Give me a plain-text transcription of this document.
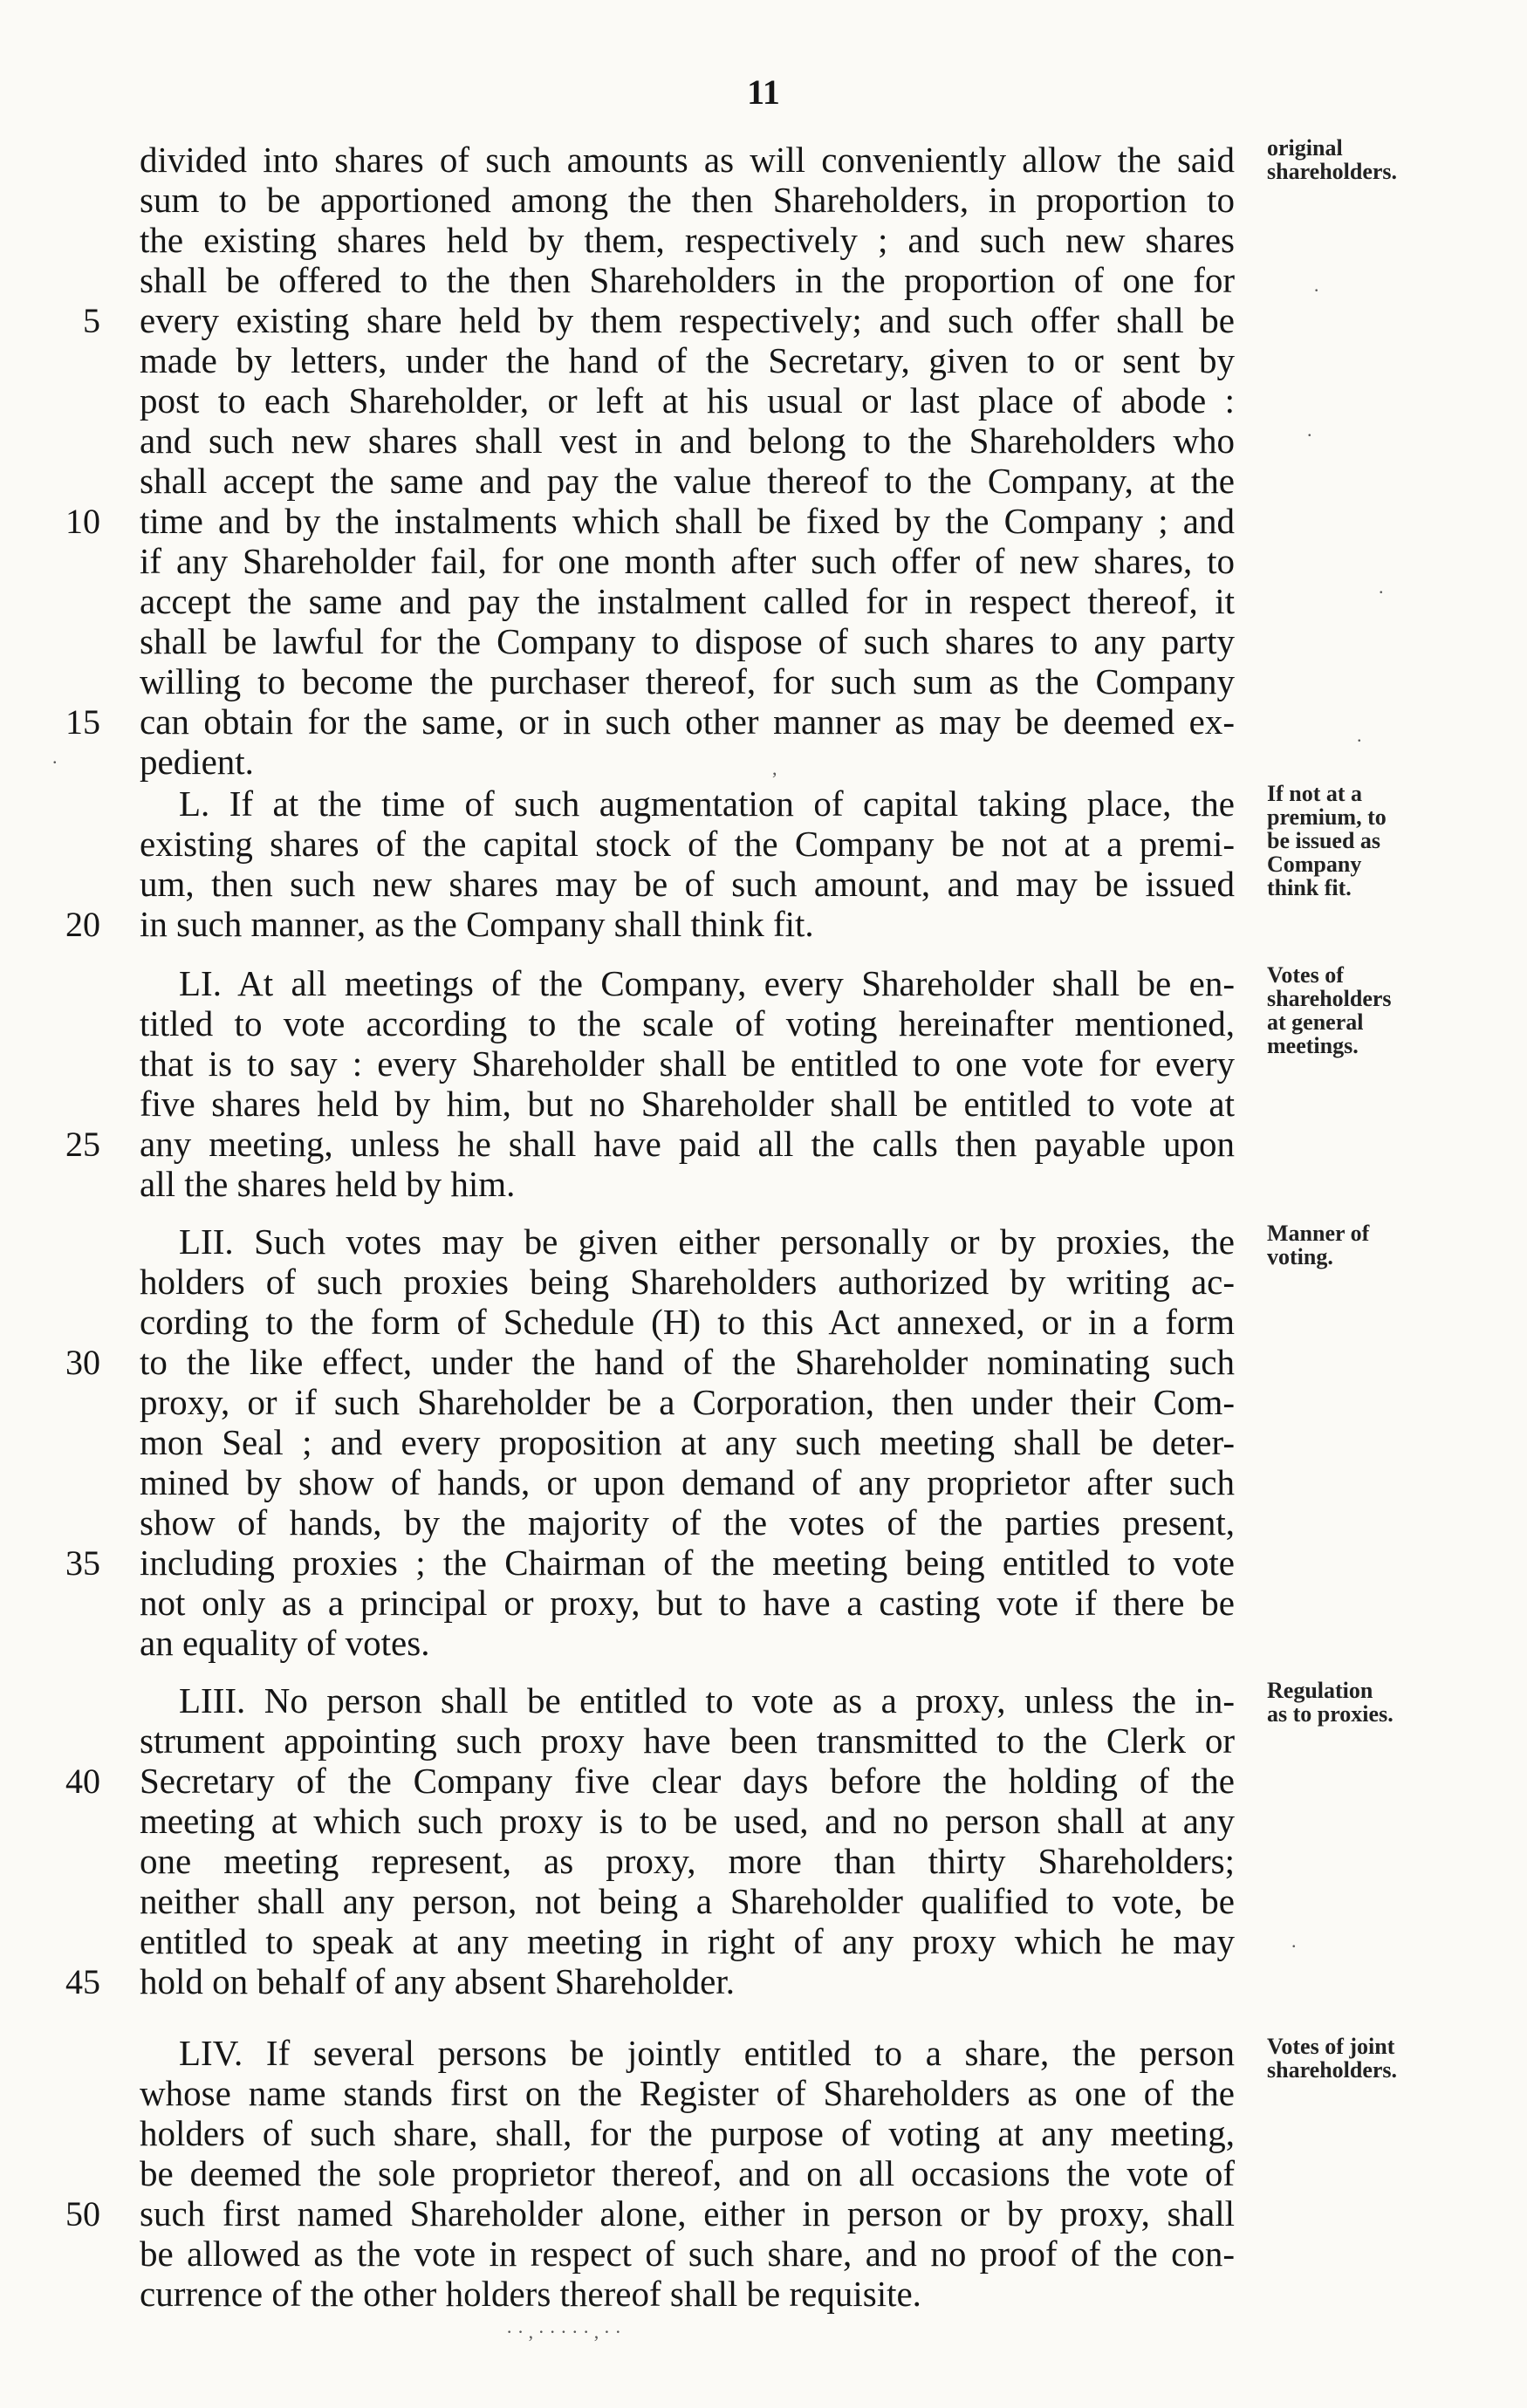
11
divided into shares of such amounts as will conveniently allow the said
sum to be apportioned among the then Shareholders, in proportion to
the existing shares held by them, respectively ; and such new shares
shall be offered to the then Shareholders in the proportion of one for
5 every existing share held by them respectively; and such offer shall be
made by letters, under the hand of the Secretary, given to or sent by
post to each Shareholder, or left at his usual or last place of abode :
and such new shares shall vest in and belong to the Shareholders who
shall accept the same and pay the value thereof to the Company, at the
10 time and by the instalments which shall be fixed by the Company ; and
if any Shareholder fail, for one month after such offer of new shares, to
accept the same and pay the instalment called for in respect thereof, it
shall be lawful for the Company to dispose of such shares to any party
willing to become the purchaser thereof, for such sum as the Company
15 can obtain for the same, or in such other manner as may be deemed ex-
pedient.
original
shareholders.
L. If at the time of such augmentation of capital taking place, the
existing shares of the capital stock of the Company be not at a premi-
um, then such new shares may be of such amount, and may be issued
20 in such manner, as the Company shall think fit.
If not at a
premium, to
be issued as
Company
think fit.
LI. At all meetings of the Company, every Shareholder shall be en-
titled to vote according to the scale of voting hereinafter mentioned,
that is to say : every Shareholder shall be entitled to one vote for every
five shares held by him, but no Shareholder shall be entitled to vote at
25 any meeting, unless he shall have paid all the calls then payable upon
all the shares held by him.
Votes of
shareholders
at general
meetings.
LII. Such votes may be given either personally or by proxies, the
holders of such proxies being Shareholders authorized by writing ac-
cording to the form of Schedule (H) to this Act annexed, or in a form
30 to the like effect, under the hand of the Shareholder nominating such
proxy, or if such Shareholder be a Corporation, then under their Com-
mon Seal ; and every proposition at any such meeting shall be deter-
mined by show of hands, or upon demand of any proprietor after such
show of hands, by the majority of the votes of the parties present,
35 including proxies ; the Chairman of the meeting being entitled to vote
not only as a principal or proxy, but to have a casting vote if there be
an equality of votes.
Manner of
voting.
LIII. No person shall be entitled to vote as a proxy, unless the in-
strument appointing such proxy have been transmitted to the Clerk or
40 Secretary of the Company five clear days before the holding of the
meeting at which such proxy is to be used, and no person shall at any
one meeting represent, as proxy, more than thirty Shareholders;
neither shall any person, not being a Shareholder qualified to vote, be
entitled to speak at any meeting in right of any proxy which he may
45 hold on behalf of any absent Shareholder.
Regulation
as to proxies.
LIV. If several persons be jointly entitled to a share, the person
whose name stands first on the Register of Shareholders as one of the
holders of such share, shall, for the purpose of voting at any meeting,
be deemed the sole proprietor thereof, and on all occasions the vote of
50 such first named Shareholder alone, either in person or by proxy, shall
be allowed as the vote in respect of such share, and no proof of the con-
currence of the other holders thereof shall be requisite.
Votes of joint
shareholders.
·
.
.
.
.
,
.
· · , · · · · · , · ·
